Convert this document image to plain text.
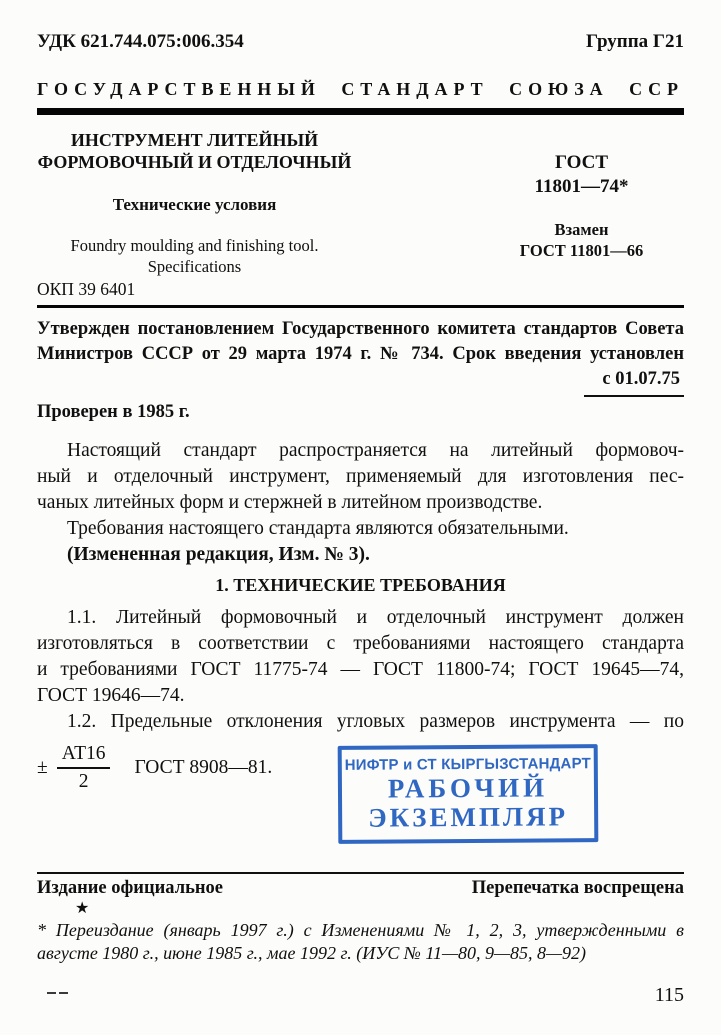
УДК 621.744.075:006.354	Группа Г21
ГОСУДАРСТВЕННЫЙ СТАНДАРТ СОЮЗА ССР
ИНСТРУМЕНТ ЛИТЕЙНЫЙ
ФОРМОВОЧНЫЙ И ОТДЕЛОЧНЫЙ
Технические условия
Foundry moulding and finishing tool.
Specifications
ГОСТ
11801—74*
Взамен
ГОСТ 11801—66
ОКП 39 6401
Утвержден постановлением Государственного комитета стандартов Совета
Министров СССР от 29 марта 1974 г. № 734. Срок введения установлен
с 01.07.75
Проверен в 1985 г.
Настоящий стандарт распространяется на литейный формовоч-
ный и отделочный инструмент, применяемый для изготовления пес-
чаных литейных форм и стержней в литейном производстве.
Требования настоящего стандарта являются обязательными.
(Измененная редакция, Изм. № 3).
1. ТЕХНИЧЕСКИЕ ТРЕБОВАНИЯ
1.1. Литейный формовочный и отделочный инструмент должен
изготовляться в соответствии с требованиями настоящего стандарта
и требованиями ГОСТ 11775-74 — ГОСТ 11800-74; ГОСТ 19645—74,
ГОСТ 19646—74.
1.2. Предельные отклонения угловых размеров инструмента — по
± $\frac{АТ16}{2}$ ГОСТ 8908—81.	НИФТР и СТ КЫРГЫЗСТАНДАРТ
РАБОЧИЙ
ЭКЗЕМПЛЯР
Издание официальное	Перепечатка воспрещена
★
* Переиздание (январь 1997 г.) с Изменениями № 1, 2, 3, утвержденными в
августе 1980 г., июне 1985 г., мае 1992 г. (ИУС № 11—80, 9—85, 8—92)
115
